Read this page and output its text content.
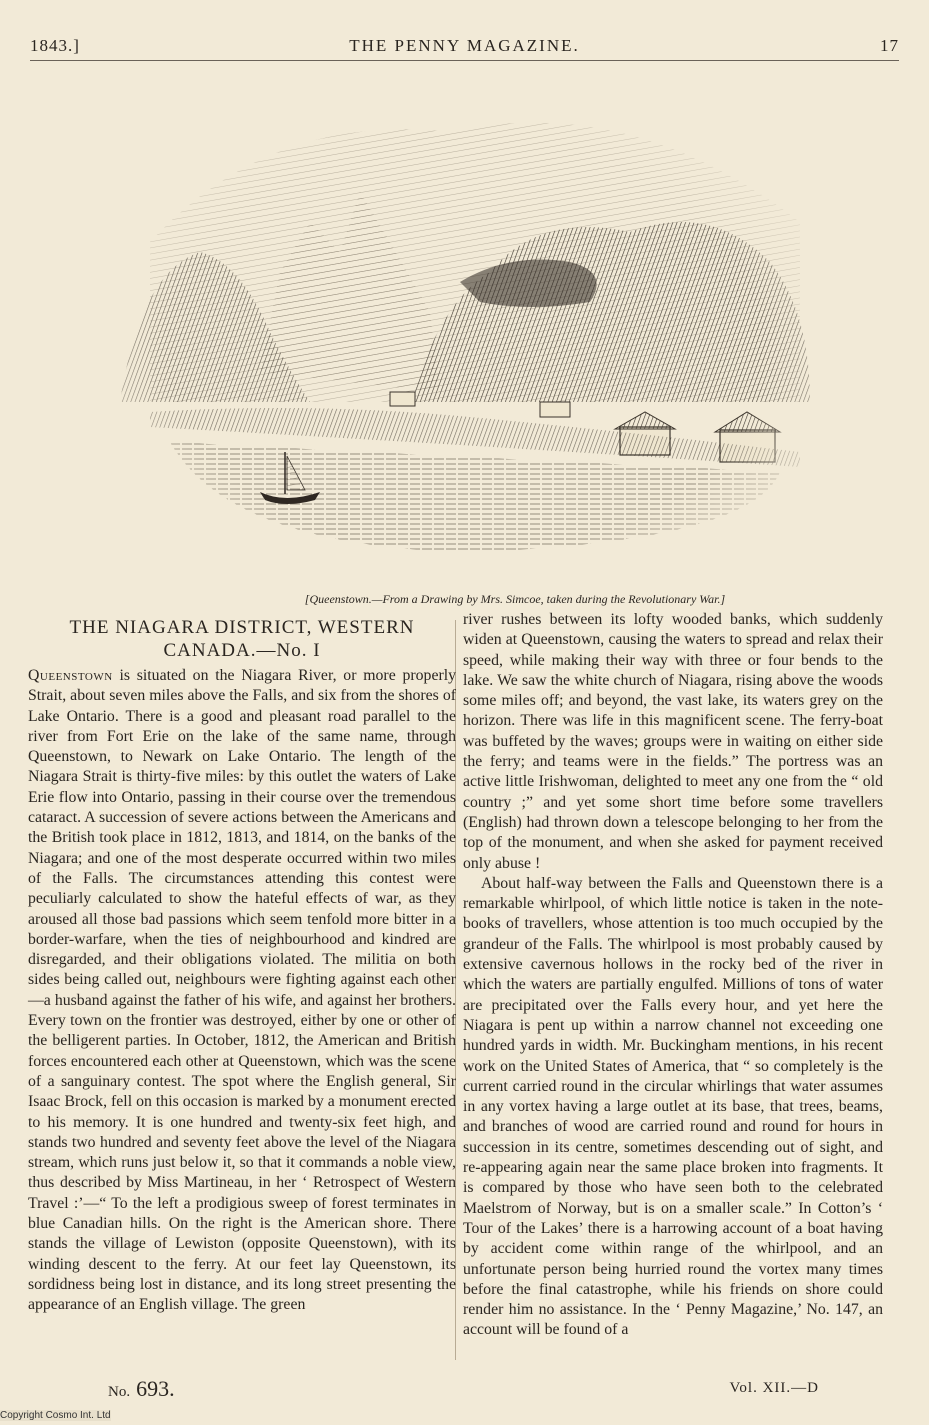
1843.]	THE PENNY MAGAZINE.	17
[Queenstown.—From a Drawing by Mrs. Simcoe, taken during the Revolutionary War.]
THE NIAGARA DISTRICT, WESTERN
CANADA.—No. I

Queenstown is situated on the Niagara River, or more properly Strait, about seven miles above the Falls, and six from the shores of Lake Ontario. There is a good and pleasant road parallel to the river from Fort Erie on the lake of the same name, through Queenstown, to Newark on Lake Ontario. The length of the Niagara Strait is thirty-five miles: by this outlet the waters of Lake Erie flow into Ontario, passing in their course over the tremendous cataract. A succession of severe actions between the Americans and the British took place in 1812, 1813, and 1814, on the banks of the Niagara; and one of the most desperate occurred within two miles of the Falls. The circumstances attending this contest were peculiarly calculated to show the hateful effects of war, as they aroused all those bad passions which seem tenfold more bitter in a border-warfare, when the ties of neighbourhood and kindred are disregarded, and their obligations violated. The militia on both sides being called out, neighbours were fighting against each other —a husband against the father of his wife, and against her brothers. Every town on the frontier was destroyed, either by one or other of the belligerent parties. In October, 1812, the American and British forces encountered each other at Queenstown, which was the scene of a sanguinary contest. The spot where the English general, Sir Isaac Brock, fell on this occasion is marked by a monument erected to his memory. It is one hundred and twenty-six feet high, and stands two hundred and seventy feet above the level of the Niagara stream, which runs just below it, so that it commands a noble view, thus described by Miss Martineau, in her ‘ Retrospect of Western Travel :’—“ To the left a prodigious sweep of forest terminates in blue Canadian hills. On the right is the American shore. There stands the village of Lewiston (opposite Queenstown), with its winding descent to the ferry. At our feet lay Queenstown, its sordidness being lost in distance, and its long street presenting the appearance of an English village. The green

river rushes between its lofty wooded banks, which suddenly widen at Queenstown, causing the waters to spread and relax their speed, while making their way with three or four bends to the lake. We saw the white church of Niagara, rising above the woods some miles off; and beyond, the vast lake, its waters grey on the horizon. There was life in this magnificent scene. The ferry-boat was buffeted by the waves; groups were in waiting on either side the ferry; and teams were in the fields.” The portress was an active little Irishwoman, delighted to meet any one from the “ old country ;” and yet some short time before some travellers (English) had thrown down a telescope belonging to her from the top of the monument, and when she asked for payment received only abuse !

About half-way between the Falls and Queenstown there is a remarkable whirlpool, of which little notice is taken in the note-books of travellers, whose attention is too much occupied by the grandeur of the Falls. The whirlpool is most probably caused by extensive cavernous hollows in the rocky bed of the river in which the waters are partially engulfed. Millions of tons of water are precipitated over the Falls every hour, and yet here the Niagara is pent up within a narrow channel not exceeding one hundred yards in width. Mr. Buckingham mentions, in his recent work on the United States of America, that “ so completely is the current carried round in the circular whirlings that water assumes in any vortex having a large outlet at its base, that trees, beams, and branches of wood are carried round and round for hours in succession in its centre, sometimes descending out of sight, and re-appearing again near the same place broken into fragments. It is compared by those who have seen both to the celebrated Maelstrom of Norway, but is on a smaller scale.” In Cotton’s ‘ Tour of the Lakes’ there is a harrowing account of a boat having by accident come within range of the whirlpool, and an unfortunate person being hurried round the vortex many times before the final catastrophe, while his friends on shore could render him no assistance. In the ‘ Penny Magazine,’ No. 147, an account will be found of a

No. 693.	Vol. XII.—D
Copyright Cosmo Int. Ltd
